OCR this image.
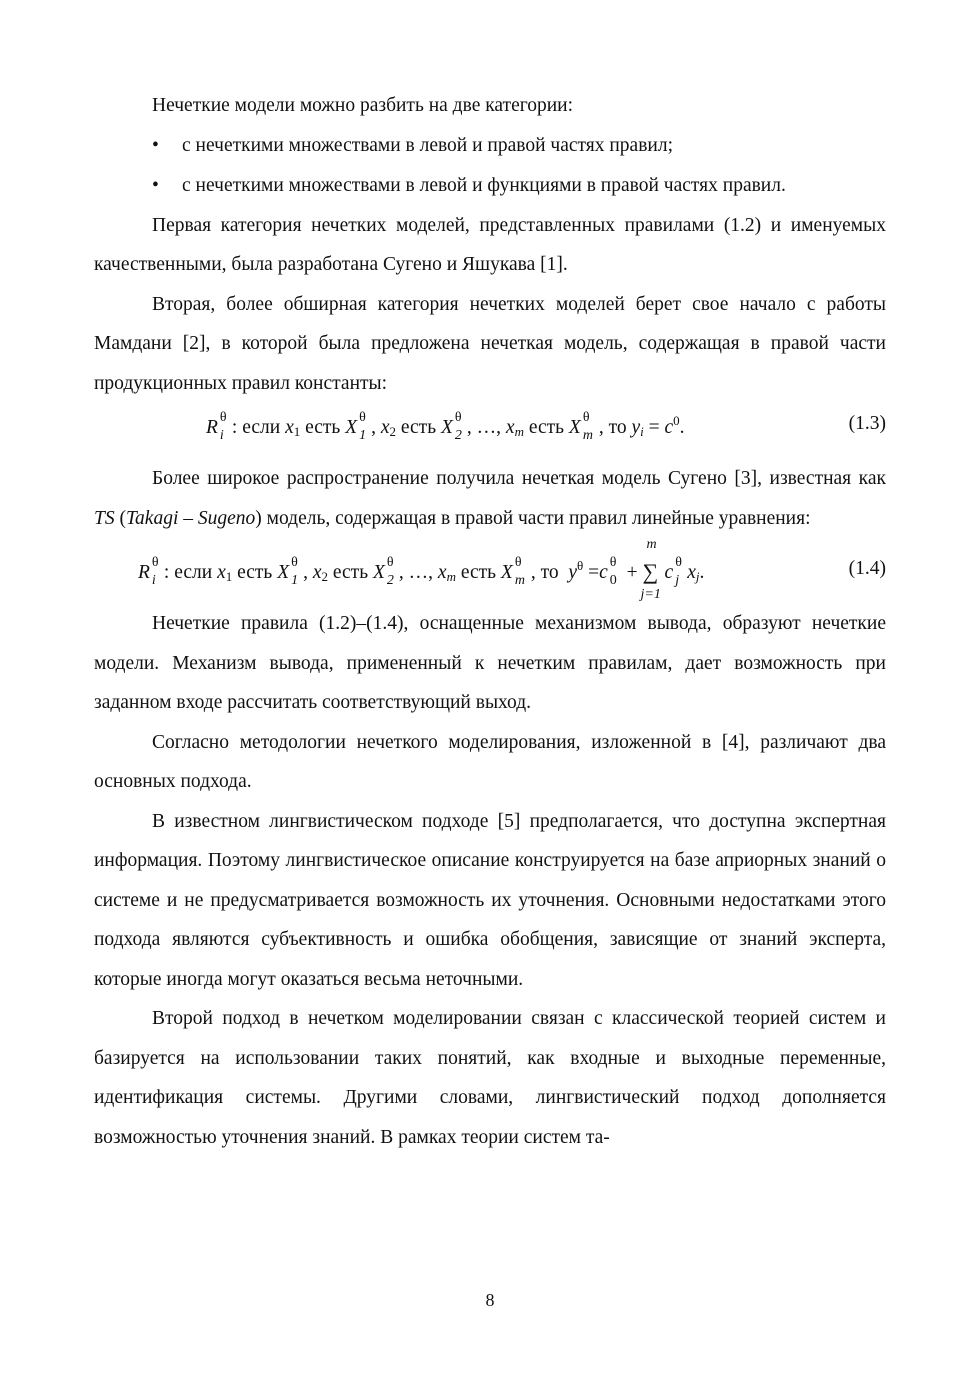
Нечеткие модели можно разбить на две категории:

• с нечеткими множествами в левой и правой частях правил;
• с нечеткими множествами в левой и функциями в правой частях правил.

Первая категория нечетких моделей, представленных правилами (1.2) и именуемых качественными, была разработана Сугено и Яшукава [1].

Вторая, более обширная категория нечетких моделей берет свое начало с работы Мамдани [2], в которой была предложена нечеткая модель, содержащая в правой части продукционных правил константы:

R θ
i : если $x_1$ есть X θ
1 , $x_2$ есть X θ
2 , …, $x_m$ есть X θ
m , то $y_i = c^0$.	(1.3)

Более широкое распространение получила нечеткая модель Сугено [3], известная как TS (Takagi – Sugeno) модель, содержащая в правой части правил линейные уравнения:

R θ
i : если $x_1$ есть X θ
1 , $x_2$ есть X θ
2 , …, $x_m$ есть X θ
m , то $y^\theta =c$ θ
0 + ∑
m
j=1
c θ
j $x_j$.	(1.4)

Нечеткие правила (1.2)–(1.4), оснащенные механизмом вывода, образуют нечеткие модели. Механизм вывода, примененный к нечетким правилам, дает возможность при заданном входе рассчитать соответствующий выход.

Согласно методологии нечеткого моделирования, изложенной в [4], различают два основных подхода.

В известном лингвистическом подходе [5] предполагается, что доступна экспертная информация. Поэтому лингвистическое описание конструируется на базе априорных знаний о системе и не предусматривается возможность их уточнения. Основными недостатками этого подхода являются субъективность и ошибка обобщения, зависящие от знаний эксперта, которые иногда могут оказаться весьма неточными.

Второй подход в нечетком моделировании связан с классической теорией систем и базируется на использовании таких понятий, как входные и выходные переменные, идентификация системы. Другими словами, лингвистический подход дополняется возможностью уточнения знаний. В рамках теории систем та-

8
